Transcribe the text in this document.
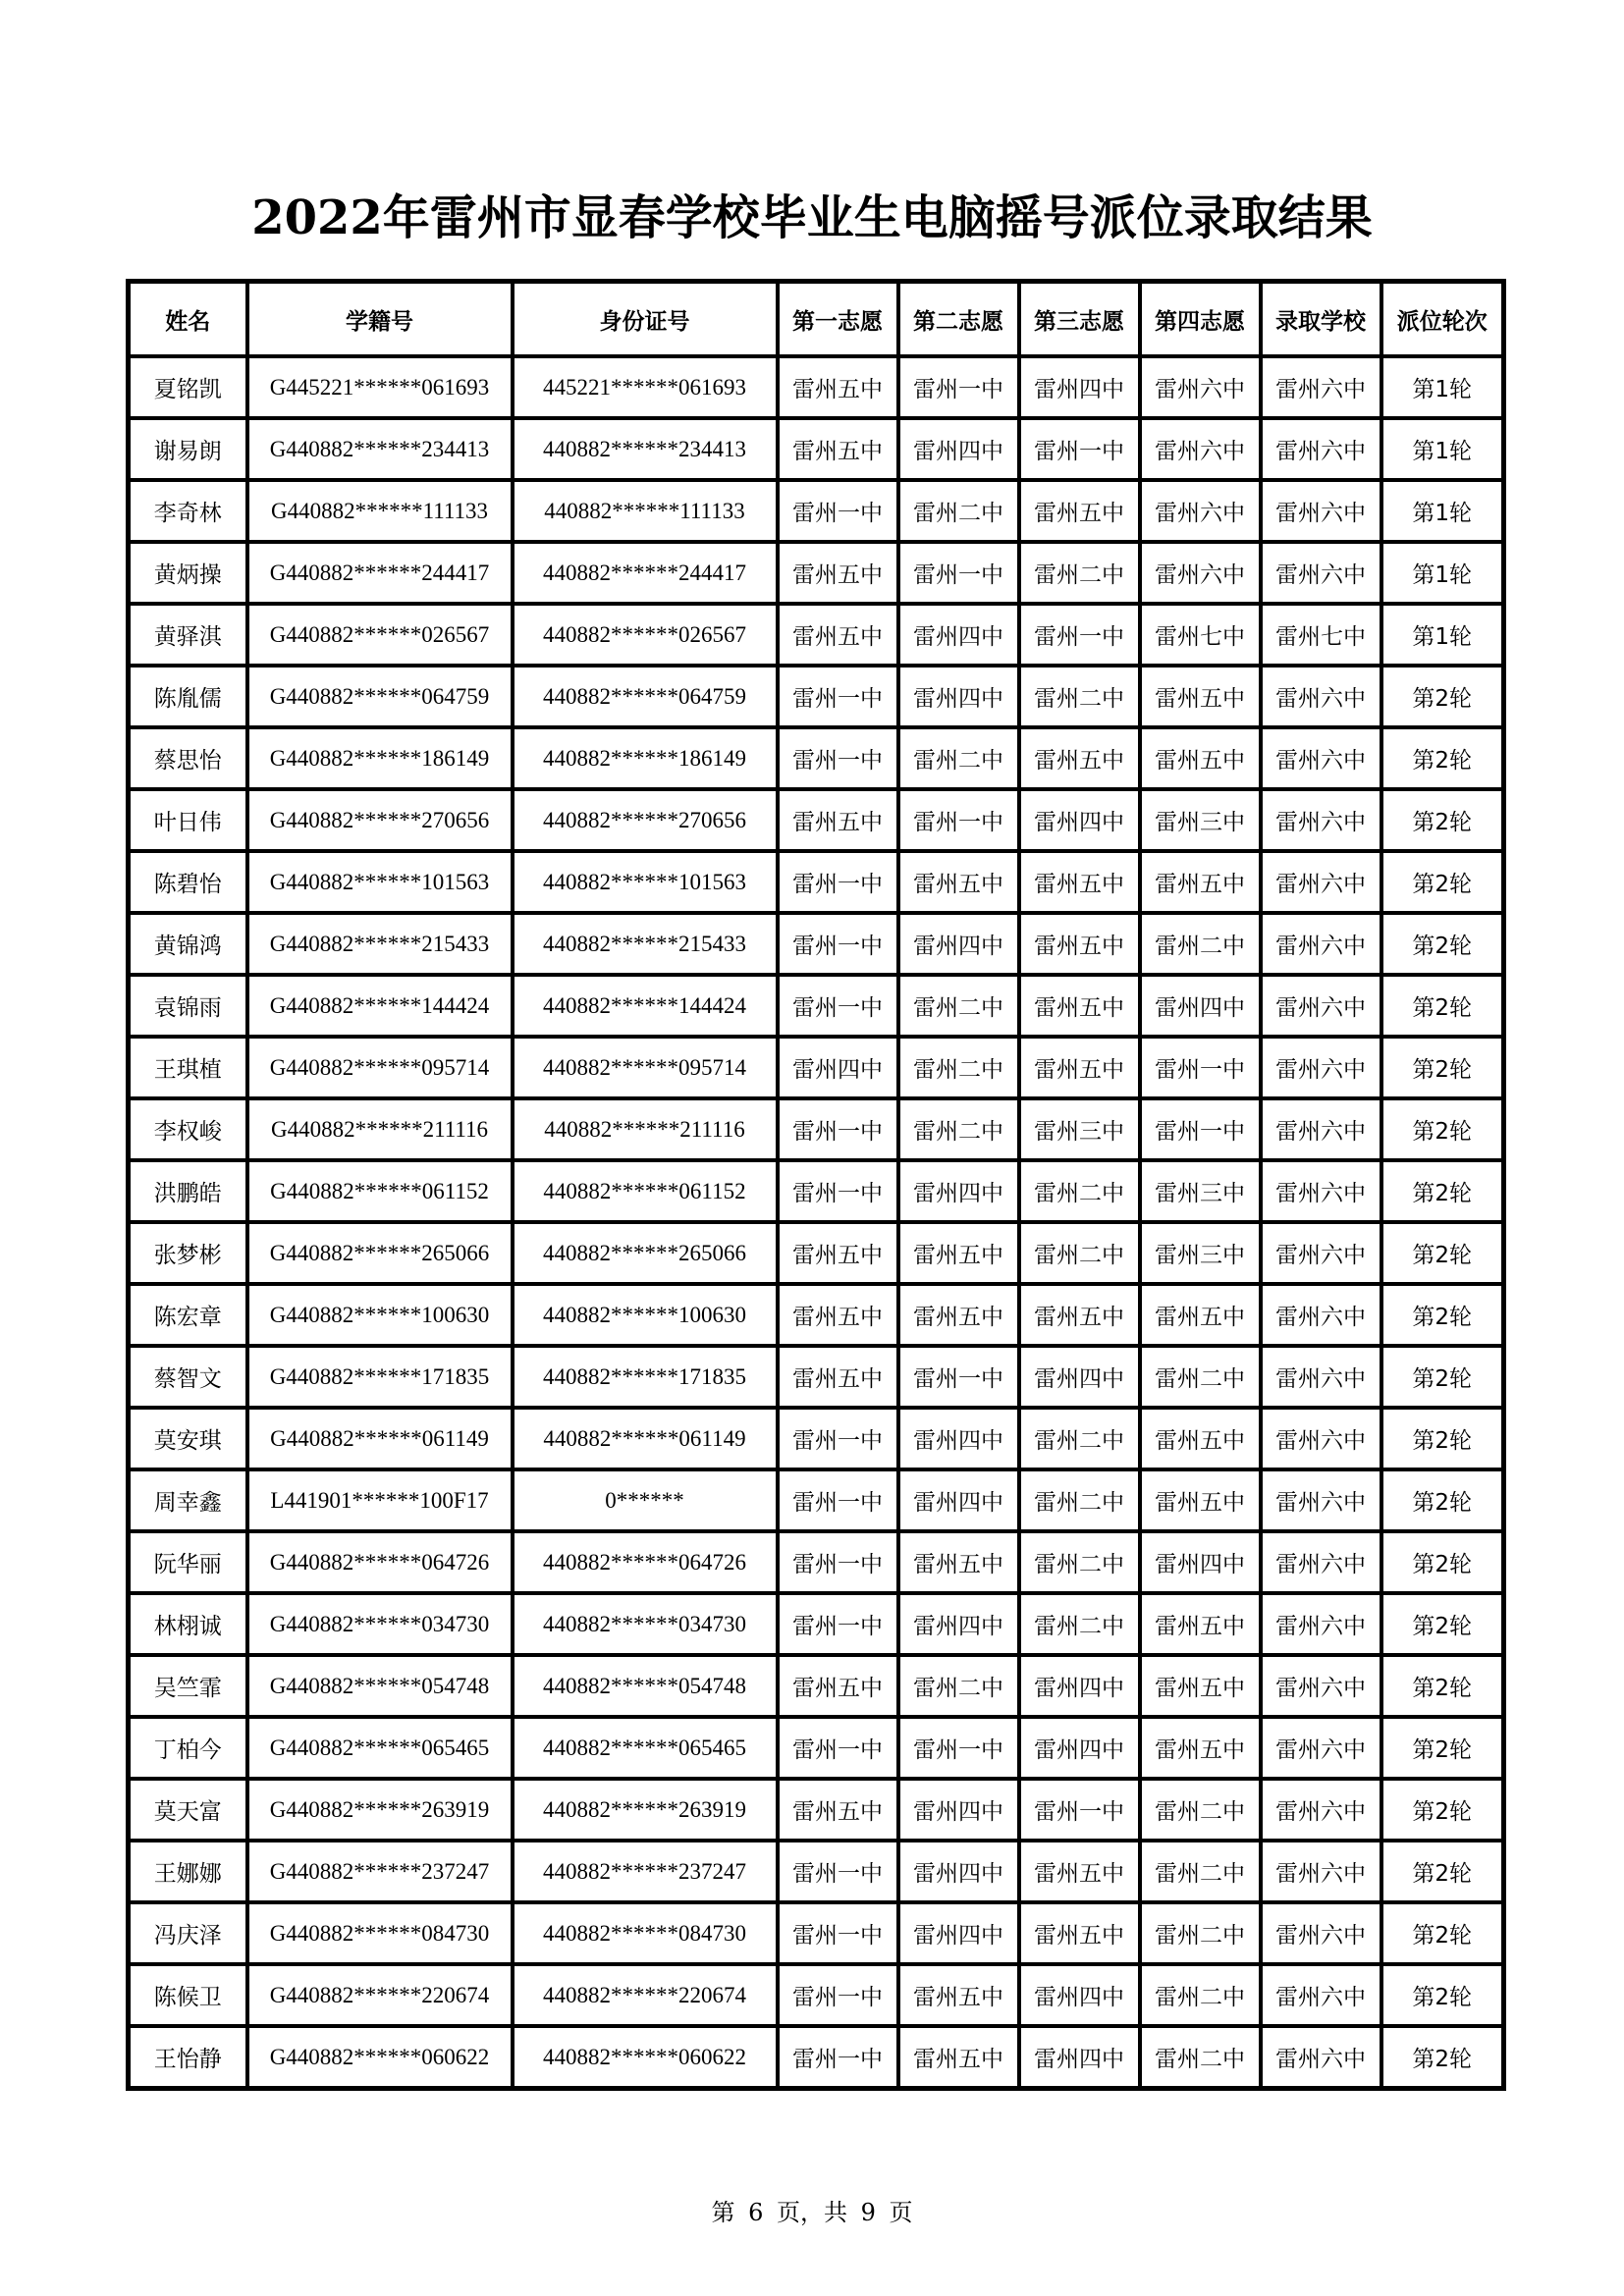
2022年雷州市显春学校毕业生电脑摇号派位录取结果
姓名	学籍号	身份证号	第一志愿	第二志愿	第三志愿	第四志愿	录取学校	派位轮次
夏铭凯	G445221******061693	445221******061693	雷州五中	雷州一中	雷州四中	雷州六中	雷州六中	第1轮
谢易朗	G440882******234413	440882******234413	雷州五中	雷州四中	雷州一中	雷州六中	雷州六中	第1轮
李奇林	G440882******111133	440882******111133	雷州一中	雷州二中	雷州五中	雷州六中	雷州六中	第1轮
黄炳操	G440882******244417	440882******244417	雷州五中	雷州一中	雷州二中	雷州六中	雷州六中	第1轮
黄驿淇	G440882******026567	440882******026567	雷州五中	雷州四中	雷州一中	雷州七中	雷州七中	第1轮
陈胤儒	G440882******064759	440882******064759	雷州一中	雷州四中	雷州二中	雷州五中	雷州六中	第2轮
蔡思怡	G440882******186149	440882******186149	雷州一中	雷州二中	雷州五中	雷州五中	雷州六中	第2轮
叶日伟	G440882******270656	440882******270656	雷州五中	雷州一中	雷州四中	雷州三中	雷州六中	第2轮
陈碧怡	G440882******101563	440882******101563	雷州一中	雷州五中	雷州五中	雷州五中	雷州六中	第2轮
黄锦鸿	G440882******215433	440882******215433	雷州一中	雷州四中	雷州五中	雷州二中	雷州六中	第2轮
袁锦雨	G440882******144424	440882******144424	雷州一中	雷州二中	雷州五中	雷州四中	雷州六中	第2轮
王琪植	G440882******095714	440882******095714	雷州四中	雷州二中	雷州五中	雷州一中	雷州六中	第2轮
李权峻	G440882******211116	440882******211116	雷州一中	雷州二中	雷州三中	雷州一中	雷州六中	第2轮
洪鹏皓	G440882******061152	440882******061152	雷州一中	雷州四中	雷州二中	雷州三中	雷州六中	第2轮
张梦彬	G440882******265066	440882******265066	雷州五中	雷州五中	雷州二中	雷州三中	雷州六中	第2轮
陈宏章	G440882******100630	440882******100630	雷州五中	雷州五中	雷州五中	雷州五中	雷州六中	第2轮
蔡智文	G440882******171835	440882******171835	雷州五中	雷州一中	雷州四中	雷州二中	雷州六中	第2轮
莫安琪	G440882******061149	440882******061149	雷州一中	雷州四中	雷州二中	雷州五中	雷州六中	第2轮
周幸鑫	L441901******100F17	0******	雷州一中	雷州四中	雷州二中	雷州五中	雷州六中	第2轮
阮华丽	G440882******064726	440882******064726	雷州一中	雷州五中	雷州二中	雷州四中	雷州六中	第2轮
林栩诚	G440882******034730	440882******034730	雷州一中	雷州四中	雷州二中	雷州五中	雷州六中	第2轮
吴竺霏	G440882******054748	440882******054748	雷州五中	雷州二中	雷州四中	雷州五中	雷州六中	第2轮
丁柏今	G440882******065465	440882******065465	雷州一中	雷州一中	雷州四中	雷州五中	雷州六中	第2轮
莫天富	G440882******263919	440882******263919	雷州五中	雷州四中	雷州一中	雷州二中	雷州六中	第2轮
王娜娜	G440882******237247	440882******237247	雷州一中	雷州四中	雷州五中	雷州二中	雷州六中	第2轮
冯庆泽	G440882******084730	440882******084730	雷州一中	雷州四中	雷州五中	雷州二中	雷州六中	第2轮
陈候卫	G440882******220674	440882******220674	雷州一中	雷州五中	雷州四中	雷州二中	雷州六中	第2轮
王怡静	G440882******060622	440882******060622	雷州一中	雷州五中	雷州四中	雷州二中	雷州六中	第2轮
第 6 页，共 9 页
